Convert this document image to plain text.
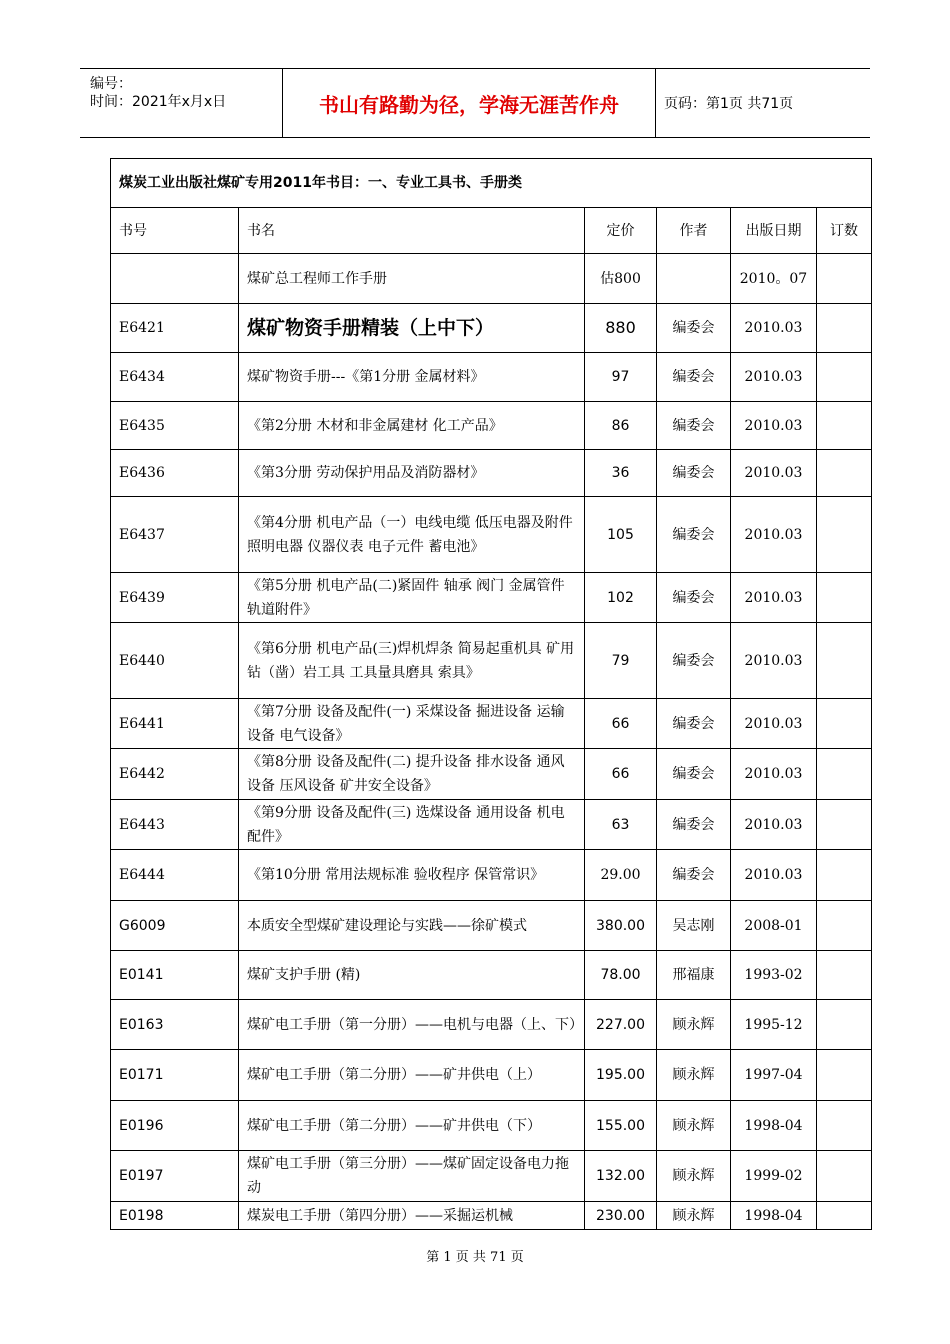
编号：
时间：2021年x月x日	书山有路勤为径，学海无涯苦作舟	页码：第1页 共71页
煤炭工业出版社煤矿专用2011年书目：一、专业工具书、手册类					
书号	书名	定价	作者	出版日期	订数
	煤矿总工程师工作手册	估800		2010。07	
E6421	煤矿物资手册精装（上中下）	880	编委会	2010.03	
E6434	煤矿物资手册---《第1分册 金属材料》	97	编委会	2010.03	
E6435	《第2分册 木材和非金属建材 化工产品》	86	编委会	2010.03	
E6436	《第3分册 劳动保护用品及消防器材》	36	编委会	2010.03	
E6437	《第4分册 机电产品（一）电线电缆 低压电器及附件 照明电器 仪器仪表 电子元件 蓄电池》	105	编委会	2010.03	
E6439	《第5分册 机电产品(二)紧固件 轴承 阀门 金属管件 轨道附件》	102	编委会	2010.03	
E6440	《第6分册 机电产品(三)焊机焊条 简易起重机具 矿用钻（凿）岩工具 工具量具磨具 索具》	79	编委会	2010.03	
E6441	《第7分册 设备及配件(一) 采煤设备 掘进设备 运输设备 电气设备》	66	编委会	2010.03	
E6442	《第8分册 设备及配件(二) 提升设备 排水设备 通风设备 压风设备 矿井安全设备》	66	编委会	2010.03	
E6443	《第9分册 设备及配件(三) 选煤设备 通用设备 机电配件》	63	编委会	2010.03	
E6444	《第10分册 常用法规标准 验收程序 保管常识》	29.00	编委会	2010.03	
G6009	本质安全型煤矿建设理论与实践——徐矿模式	380.00	吴志刚	2008-01	
E0141	煤矿支护手册 (精)	78.00	邢福康	1993-02	
E0163	煤矿电工手册（第一分册）——电机与电器（上、下）	227.00	顾永辉	1995-12	
E0171	煤矿电工手册（第二分册）——矿井供电（上）	195.00	顾永辉	1997-04	
E0196	煤矿电工手册（第二分册）——矿井供电（下）	155.00	顾永辉	1998-04	
E0197	煤矿电工手册（第三分册）——煤矿固定设备电力拖动	132.00	顾永辉	1999-02	
E0198	煤炭电工手册（第四分册）——采掘运机械	230.00	顾永辉	1998-04	
第 1 页 共 71 页
